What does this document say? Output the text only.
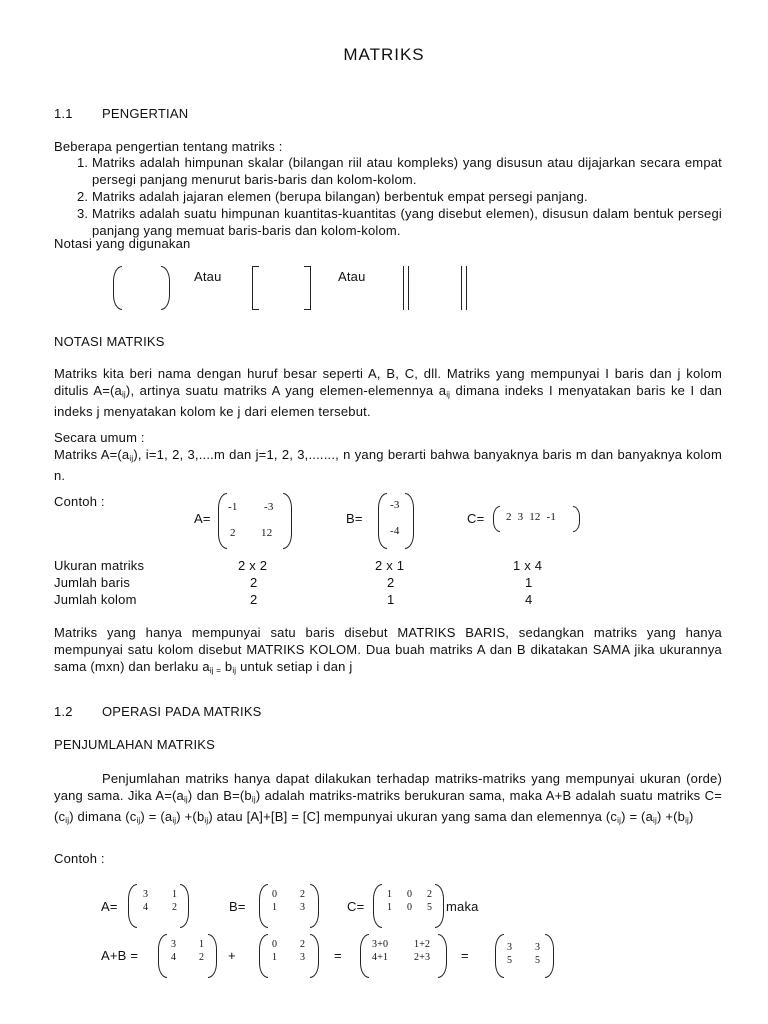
MATRIKS
1.1 PENGERTIAN
Beberapa pengertian tentang matriks :
1. Matriks adalah himpunan skalar (bilangan riil atau kompleks) yang disusun atau dijajarkan secara empat persegi panjang menurut baris-baris dan kolom-kolom.
2. Matriks adalah jajaran elemen (berupa bilangan) berbentuk empat persegi panjang.
3. Matriks adalah suatu himpunan kuantitas-kuantitas (yang disebut elemen), disusun dalam bentuk persegi panjang yang memuat baris-baris dan kolom-kolom.
Notasi yang digunakan
Atau	Atau
NOTASI MATRIKS
Matriks kita beri nama dengan huruf besar seperti A, B, C, dll. Matriks yang mempunyai I baris dan j kolom ditulis $A=(a_{ij})$, artinya suatu matriks A yang elemen-elemennya $a_{ij}$ dimana indeks I menyatakan baris ke I dan indeks j menyatakan kolom ke j dari elemen tersebut.
Secara umum :
Matriks $A=(a_{ij})$, i=1, 2, 3,....m dan j=1, 2, 3,......., n yang berarti bahwa banyaknya baris m dan banyaknya kolom n.
Contoh :
A=
-1 -3
2 12
B=
-3
-4
C= 2  3  12  -1
Ukuran matriks	2 x 2	2 x 1	1 x 4
Jumlah baris	2	2	1
Jumlah kolom	2	1	4
Matriks yang hanya mempunyai satu baris disebut MATRIKS BARIS, sedangkan matriks yang hanya mempunyai satu kolom disebut MATRIKS KOLOM. Dua buah matriks A dan B dikatakan SAMA jika ukurannya sama (mxn) dan berlaku $a_{ij =}$ $b_{ij}$ untuk setiap i dan j
1.2 OPERASI PADA MATRIKS
PENJUMLAHAN MATRIKS
Penjumlahan matriks hanya dapat dilakukan terhadap matriks-matriks yang mempunyai ukuran (orde) yang sama. Jika $A=(a_{ij})$ dan $B=(b_{ij})$ adalah matriks-matriks berukuran sama, maka A+B adalah suatu matriks $C=(c_{ij})$ dimana $(c_{ij}) = (a_{ij}) +(b_{ij})$ atau [A]+[B] = [C] mempunyai ukuran yang sama dan elemennya $(c_{ij}) = (a_{ij}) +(b_{ij})$
Contoh :
A=
3 1
4 2	B=
0 2
1 3	C=
1 0 2
1 0 5 maka
A+B =
3 1
4 2 +
0 2
1 3 =
3+0	1+2
4+1	2+3 =
3 3
5 5
